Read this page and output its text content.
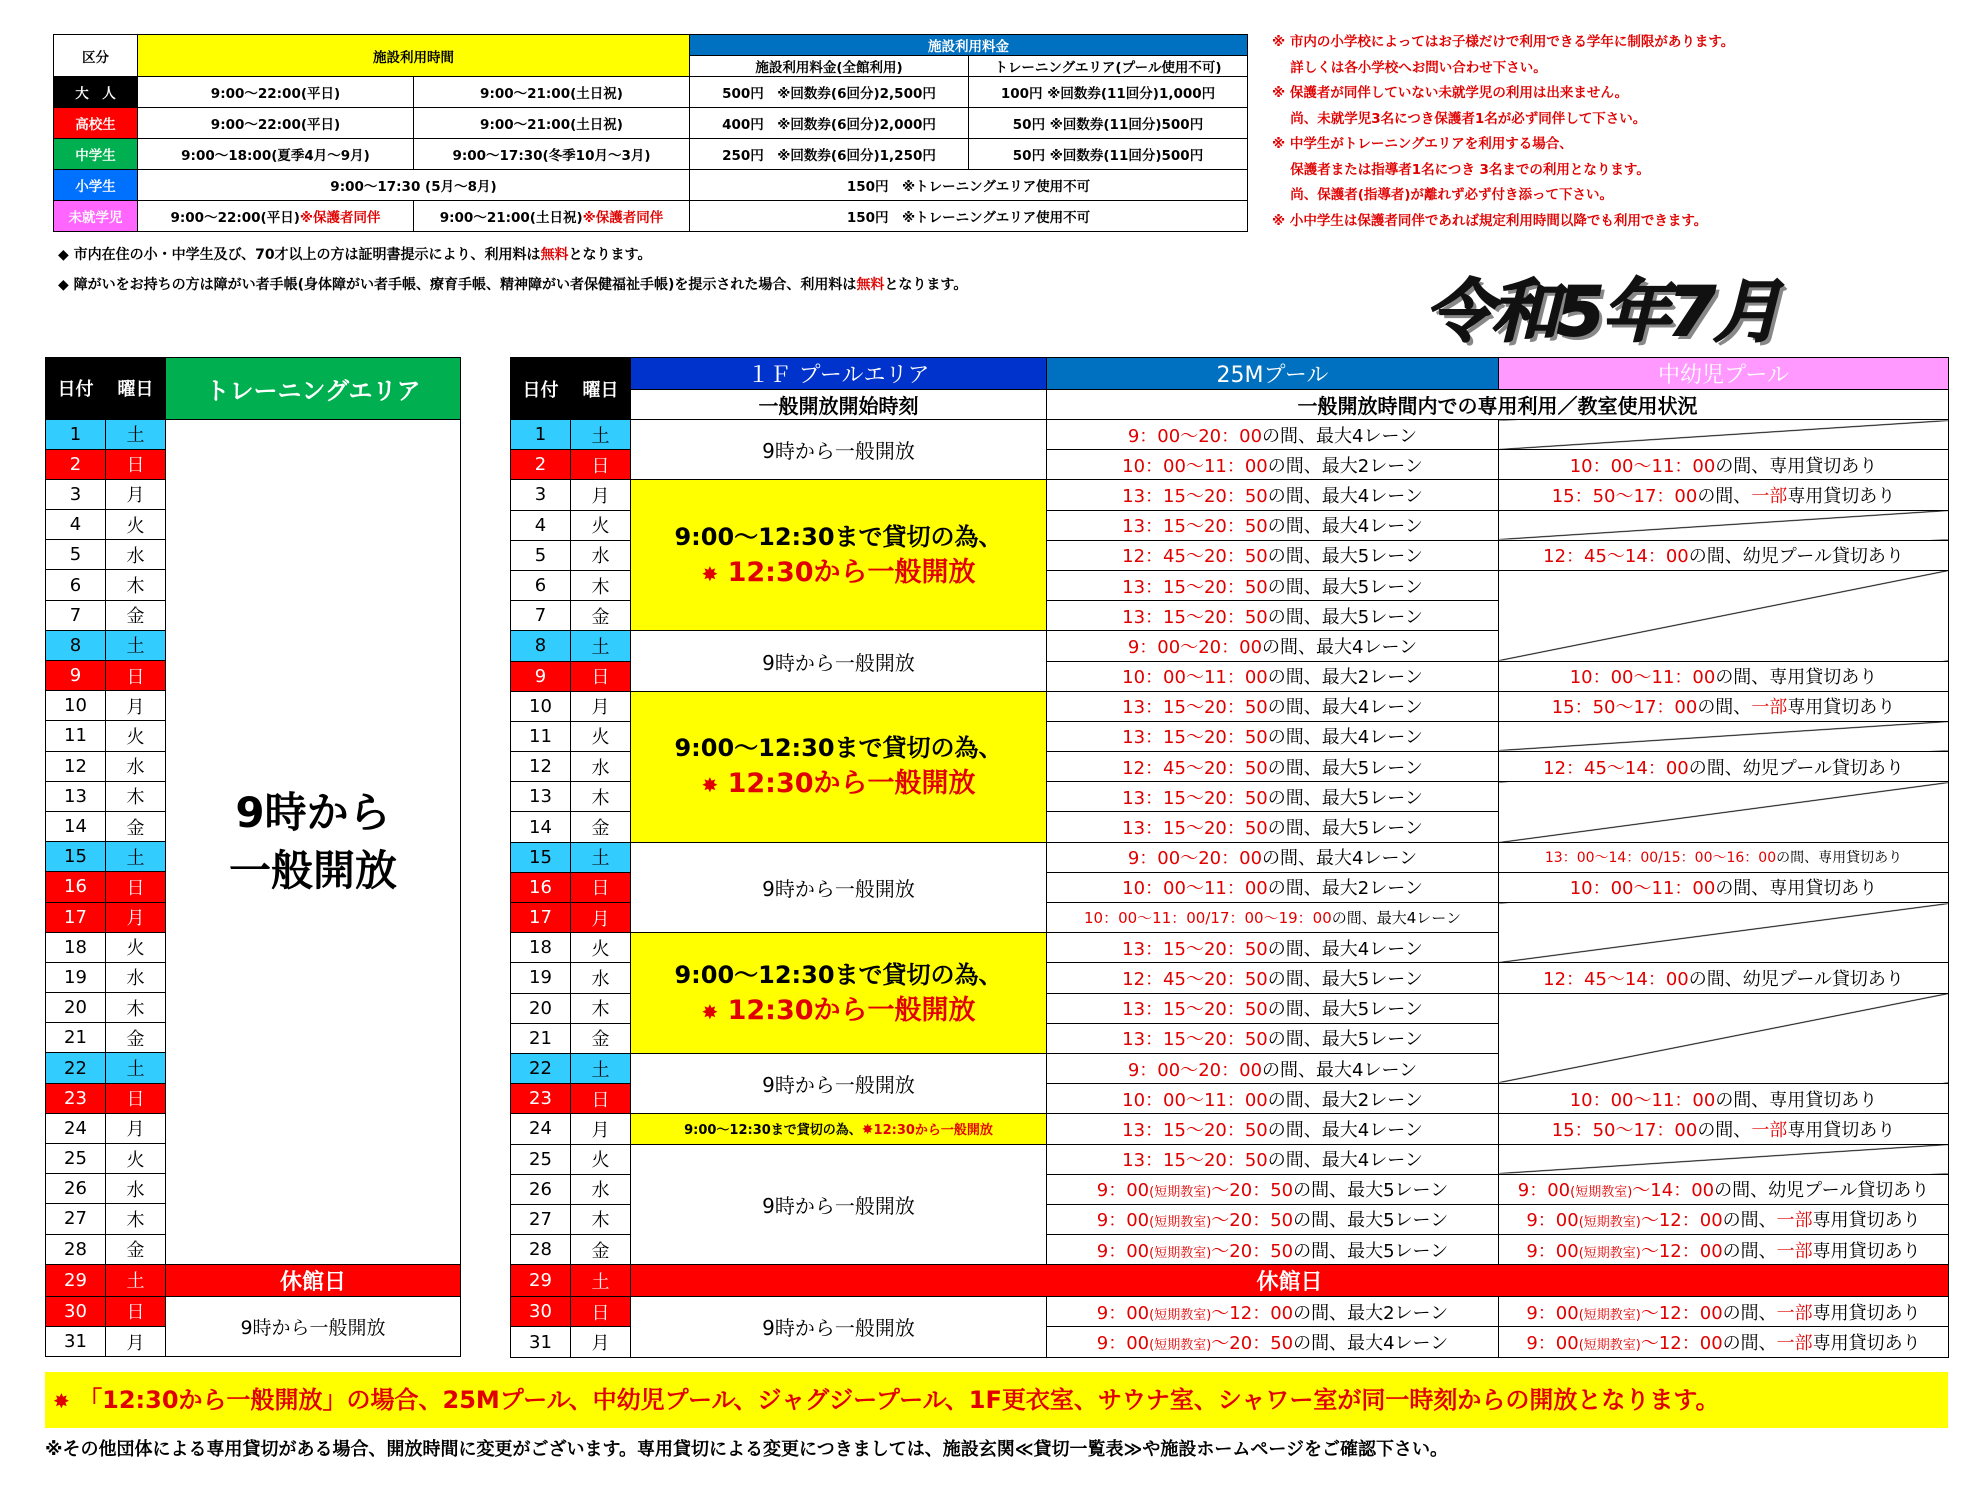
区分	施設利用時間		施設利用料金	
			施設利用料金(全館利用)	トレーニングエリア(プール使用不可)
大　人	9:00～22:00(平日)	9:00～21:00(土日祝)	500円　※回数券(6回分)2,500円	100円 ※回数券(11回分)1,000円
高校生	9:00～22:00(平日)	9:00～21:00(土日祝)	400円　※回数券(6回分)2,000円	50円 ※回数券(11回分)500円
中学生	9:00～18:00(夏季4月～9月)	9:00～17:30(冬季10月～3月)	250円　※回数券(6回分)1,250円	50円 ※回数券(11回分)500円
小学生	9:00～17:30 (5月～8月)		150円　※トレーニングエリア使用不可	
未就学児	9:00～22:00(平日)※保護者同伴	9:00～21:00(土日祝)※保護者同伴	150円　※トレーニングエリア使用不可	
◆ 市内在住の小・中学生及び、70才以上の方は証明書提示により、利用料は無料となります。
◆ 障がいをお持ちの方は障がい者手帳(身体障がい者手帳、療育手帳、精神障がい者保健福祉手帳)を提示された場合、利用料は無料となります。
※ 市内の小学校によってはお子様だけで利用できる学年に制限があります。
　 詳しくは各小学校へお問い合わせ下さい。
※ 保護者が同伴していない未就学児の利用は出来ません。
　 尚、未就学児3名につき保護者1名が必ず同伴して下さい。
※ 中学生がトレーニングエリアを利用する場合、
　 保護者または指導者1名につき 3名までの利用となります。
　 尚、保護者(指導者)が離れず必ず付き添って下さい。
※ 小中学生は保護者同伴であれば規定利用時間以降でも利用できます。
令和5年7月
日付	曜日	トレーニングエリア
1	土	9時から
一般開放

2	日	
3	月	
4	火	
5	水	
6	木	
7	金	
8	土	
9	日	
10	月	
11	火	
12	水	
13	木	
14	金	
15	土	
16	日	
17	月	
18	火	
19	水	
20	木	
21	金	
22	土	
23	日	
24	月	
25	火	
26	水	
27	木	
28	金	
29	土	休館日
30	日	9時から一般開放
31	月	
日付	曜日	１Ｆ プールエリア	25Mプール	中幼児プール
		一般開放開始時刻	一般開放時間内での専用利用／教室使用状況	
1	土	9時から一般開放	9：00～20：00の間、最大4レーン	
2	日		10：00～11：00の間、最大2レーン	10：00～11：00の間、専用貸切あり
3	月	9:00～12:30まで貸切の為、
✸ 12:30から一般開放	13：15～20：50の間、最大4レーン	15：50～17：00の間、一部専用貸切あり
4	火		13：15～20：50の間、最大4レーン	
5	水		12：45～20：50の間、最大5レーン	12：45～14：00の間、幼児プール貸切あり
6	木		13：15～20：50の間、最大5レーン	
7	金		13：15～20：50の間、最大5レーン	
8	土	9時から一般開放	9：00～20：00の間、最大4レーン	
9	日		10：00～11：00の間、最大2レーン	10：00～11：00の間、専用貸切あり
10	月	9:00～12:30まで貸切の為、
✸ 12:30から一般開放	13：15～20：50の間、最大4レーン	15：50～17：00の間、一部専用貸切あり
11	火		13：15～20：50の間、最大4レーン	
12	水		12：45～20：50の間、最大5レーン	12：45～14：00の間、幼児プール貸切あり
13	木		13：15～20：50の間、最大5レーン	
14	金		13：15～20：50の間、最大5レーン	
15	土	9時から一般開放	9：00～20：00の間、最大4レーン	13：00～14：00/15：00～16：00の間、専用貸切あり
16	日		10：00～11：00の間、最大2レーン	10：00～11：00の間、専用貸切あり
17	月		10：00～11：00/17：00～19：00の間、最大4レーン	
18	火	9:00～12:30まで貸切の為、
✸ 12:30から一般開放	13：15～20：50の間、最大4レーン	
19	水		12：45～20：50の間、最大5レーン	12：45～14：00の間、幼児プール貸切あり
20	木		13：15～20：50の間、最大5レーン	
21	金		13：15～20：50の間、最大5レーン	
22	土	9時から一般開放	9：00～20：00の間、最大4レーン	
23	日		10：00～11：00の間、最大2レーン	10：00～11：00の間、専用貸切あり
24	月	9:00～12:30まで貸切の為、✸12:30から一般開放	13：15～20：50の間、最大4レーン	15：50～17：00の間、一部専用貸切あり
25	火	9時から一般開放	13：15～20：50の間、最大4レーン	
26	水		9：00(短期教室)～20：50の間、最大5レーン	9：00(短期教室)～14：00の間、幼児プール貸切あり
27	木		9：00(短期教室)～20：50の間、最大5レーン	9：00(短期教室)～12：00の間、一部専用貸切あり
28	金		9：00(短期教室)～20：50の間、最大5レーン	9：00(短期教室)～12：00の間、一部専用貸切あり
29	土	休館日		
30	日	9時から一般開放	9：00(短期教室)～12：00の間、最大2レーン	9：00(短期教室)～12：00の間、一部専用貸切あり
31	月		9：00(短期教室)～20：50の間、最大4レーン	9：00(短期教室)～12：00の間、一部専用貸切あり
✸ 「12:30から一般開放」の場合、25Mプール、中幼児プール、ジャグジープール、1F更衣室、サウナ室、シャワー室が同一時刻からの開放となります。
※その他団体による専用貸切がある場合、開放時間に変更がございます。専用貸切による変更につきましては、施設玄関≪貸切一覧表≫や施設ホームページをご確認下さい。
